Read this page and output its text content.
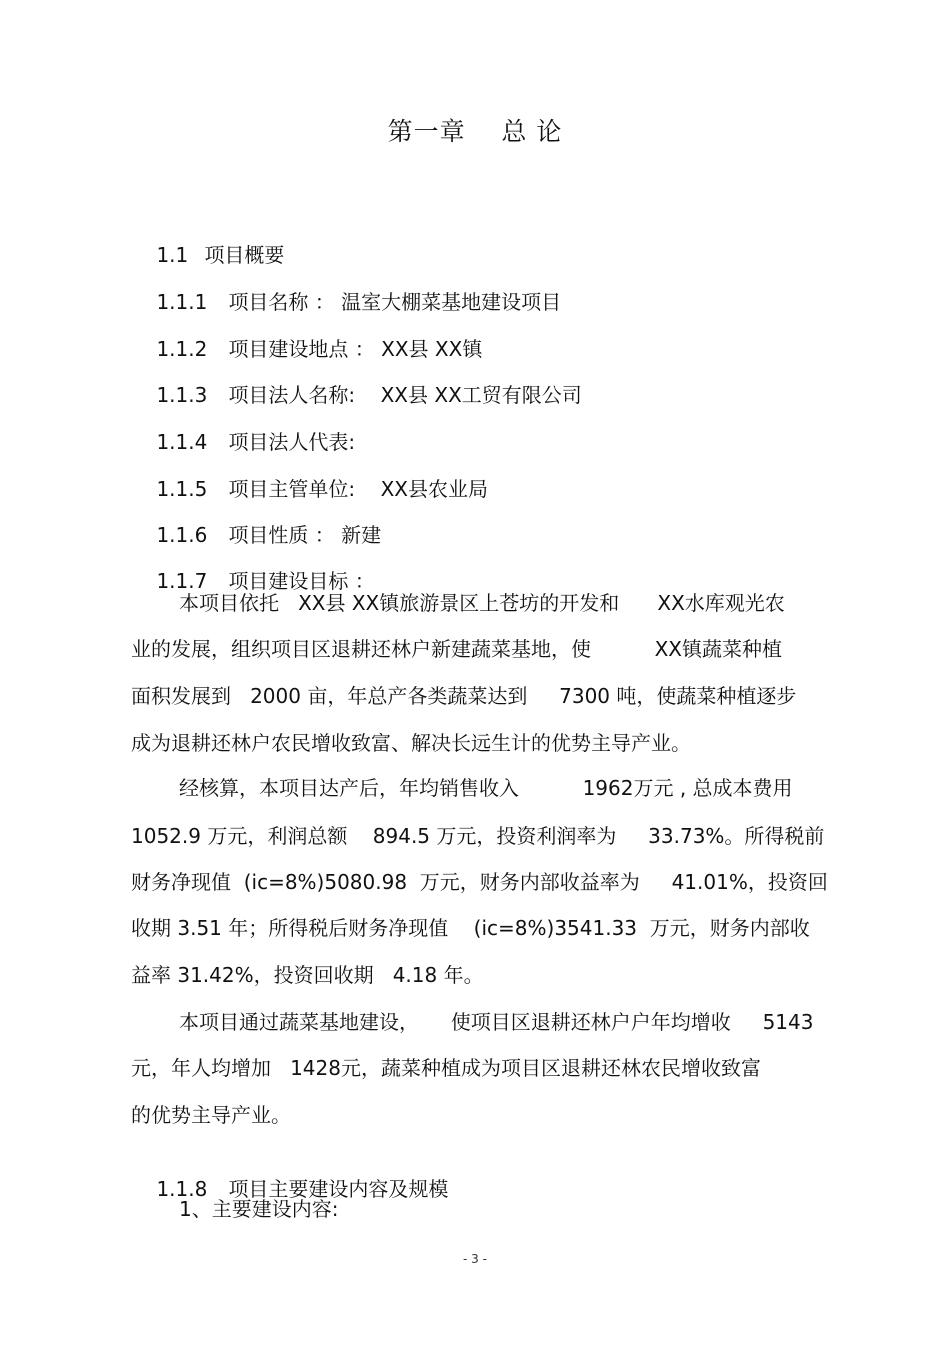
第一章    总 论

1.1 项目概要

1.1.1 项目名称 ： 温室大棚菜基地建设项目

1.1.2 项目建设地点 ： XX县 XX镇

1.1.3 项目法人名称:    XX县 XX工贸有限公司

1.1.4 项目法人代表:

1.1.5 项目主管单位:    XX县农业局

1.1.6 项目性质 ： 新建

1.1.7 项目建设目标 ：

本项目依托   XX县 XX镇旅游景区上苍坊的开发和      XX水库观光农
业的发展，组织项目区退耕还林户新建蔬菜基地，使          XX镇蔬菜种植
面积发展到   2000 亩，年总产各类蔬菜达到     7300 吨，使蔬菜种植逐步
成为退耕还林户农民增收致富、解决长远生计的优势主导产业。
经核算，本项目达产后，年均销售收入          1962万元 , 总成本费用
1052.9 万元，利润总额    894.5 万元，投资利润率为     33.73%。所得税前
财务净现值  (ic=8%)5080.98  万元，财务内部收益率为     41.01%，投资回
收期 3.51 年；所得税后财务净现值    (ic=8%)3541.33  万元，财务内部收
益率 31.42%，投资回收期   4.18 年。
本项目通过蔬菜基地建设，     使项目区退耕还林户户年均增收     5143
元，年人均增加   1428元，蔬菜种植成为项目区退耕还林农民增收致富
的优势主导产业。

1.1.8 项目主要建设内容及规模

1、主要建设内容:
- 3 -
